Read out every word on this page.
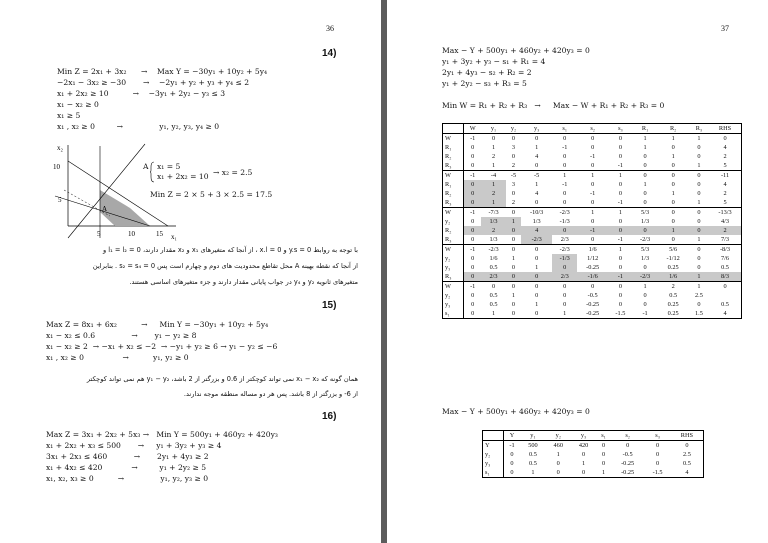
36
(14
Min Z = 2x₁ + 3x₂      →    Max Y = −30y₁ + 10y₂ + 5y₄
−2x₁ − 3x₂ ≥ −30       →    −2y₁ + y₂ + y₃ + y₄ ≤ 2
x₁ + 2x₂ ≥ 10          →    −3y₁ + 2y₂ − y₃ ≤ 3
x₁ − x₂ ≥ 0
x₁ ≥ 5
x₁ , x₂ ≥ 0         →               y₁, y₂, y₃, y₄ ≥ 0
x₂
10
5
5	10	15 x₁
A
A x₁ = 5
x₁ + 2x₂ = 10 → x₂ = 2.5
Min Z = 2 × 5 + 3 × 2.5 = 17.5
با توجه به روابط 0 = y.s و 0 = x.l ، از آنجا که متغیرهای x₁ و x₂ مقدار دارند، l₁ = l₂ = 0 و
از آنجا که نقطه بهینه A محل تقاطع محدودیت های دوم و چهارم است پس 0 = s₂ = s₄ . بنابراین
متغیرهای ثانویه y₂ و y₄ در جواب پایانی مقدار دارند و جزء متغیرهای اساسی هستند.
(15
Max Z = 8x₁ + 6x₂          →     Min Y = −30y₁ + 10y₂ + 5y₄
x₁ − x₂ ≤ 0.6               →       y₁ − y₂ ≥ 8
x₁ − x₂ ≥ 2  → −x₁ + x₂ ≤ −2  → −y₁ + y₂ ≥ 6 → y₁ − y₂ ≤ −6
x₁ , x₂ ≥ 0                →          y₁, y₂ ≥ 0
همان گونه که x₁ − x₂ نمی تواند کوچکتر از 0.6 و بزرگتر از 2 باشد، y₁ − y₂ هم نمی تواند کوچکتر
از 6- و بزرگتر از 8 باشد. پس هر دو مساله منطقه موجه ندارند.
(16
Max Z = 3x₁ + 2x₂ + 5x₃ →   Min Y = 500y₁ + 460y₂ + 420y₃
x₁ + 2x₂ + x₃ ≤ 500       →     y₁ + 3y₂ + y₃ ≥ 4
3x₁ + 2x₃ ≤ 460           →       2y₁ + 4y₃ ≥ 2
x₁ + 4x₂ ≤ 420            →         y₁ + 2y₂ ≥ 5
x₁, x₂, x₃ ≥ 0          →               y₁, y₂, y₃ ≥ 0
37
Max − Y + 500y₁ + 460y₂ + 420y₃ = 0
y₁ + 3y₂ + y₃ − s₁ + R₁ = 4
2y₁ + 4y₃ − s₂ + R₂ = 2
y₁ + 2y₂ − s₃ + R₃ = 5
Min W = R₁ + R₂ + R₃   →     Max − W + R₁ + R₂ + R₃ = 0
	W	y₁	y₂	y₃	s₁	s₂	s₃	R₁	R₂	R₃	RHS
W	-1	0	0	0	0	0	0	1	1	1	0
R₁	0	1	3	1	-1	0	0	1	0	0	4
R₂	0	2	0	4	0	-1	0	0	1	0	2
R₃	0	1	2	0	0	0	-1	0	0	1	5
W	-1	-4	-5	-5	1	1	1	0	0	0	-11
R₁	0	1	3	1	-1	0	0	1	0	0	4
R₂	0	2	0	4	0	-1	0	0	1	0	2
R₃	0	1	2	0	0	0	-1	0	0	1	5
W	-1	-7/3	0	-10/3	-2/3	1	1	5/3	0	0	-13/3
y₂	0	1/3	1	1/3	-1/3	0	0	1/3	0	0	4/3
R₂	0	2	0	4	0	-1	0	0	1	0	2
R₃	0	1/3	0	-2/3	2/3	0	-1	-2/3	0	1	7/3
W	-1	-2/3	0	0	-2/3	1/6	1	5/3	5/6	0	-8/3
y₂	0	1/6	1	0	-1/3	1/12	0	1/3	-1/12	0	7/6
y₃	0	0.5	0	1	0	-0.25	0	0	0.25	0	0.5
R₃	0	2/3	0	0	2/3	-1/6	-1	-2/3	1/6	1	8/3
W	-1	0	0	0	0	0	0	1	2	1	0
y₂	0	0.5	1	0	0	-0.5	0	0	0.5	2.5	
y₃	0	0.5	0	1	0	-0.25	0	0	0.25	0	0.5
s₁	0	1	0	0	1	-0.25	-1.5	-1	0.25	1.5	4
Max − Y + 500y₁ + 460y₂ + 420y₃ = 0
	Y	y₁	y₂	y₃	s₁	s₂	s₃	RHS
Y	-1	500	460	420	0	0	0	0
y₂	0	0.5	1	0	0	-0.5	0	2.5
y₃	0	0.5	0	1	0	-0.25	0	0.5
s₁	0	1	0	0	1	-0.25	-1.5	4
